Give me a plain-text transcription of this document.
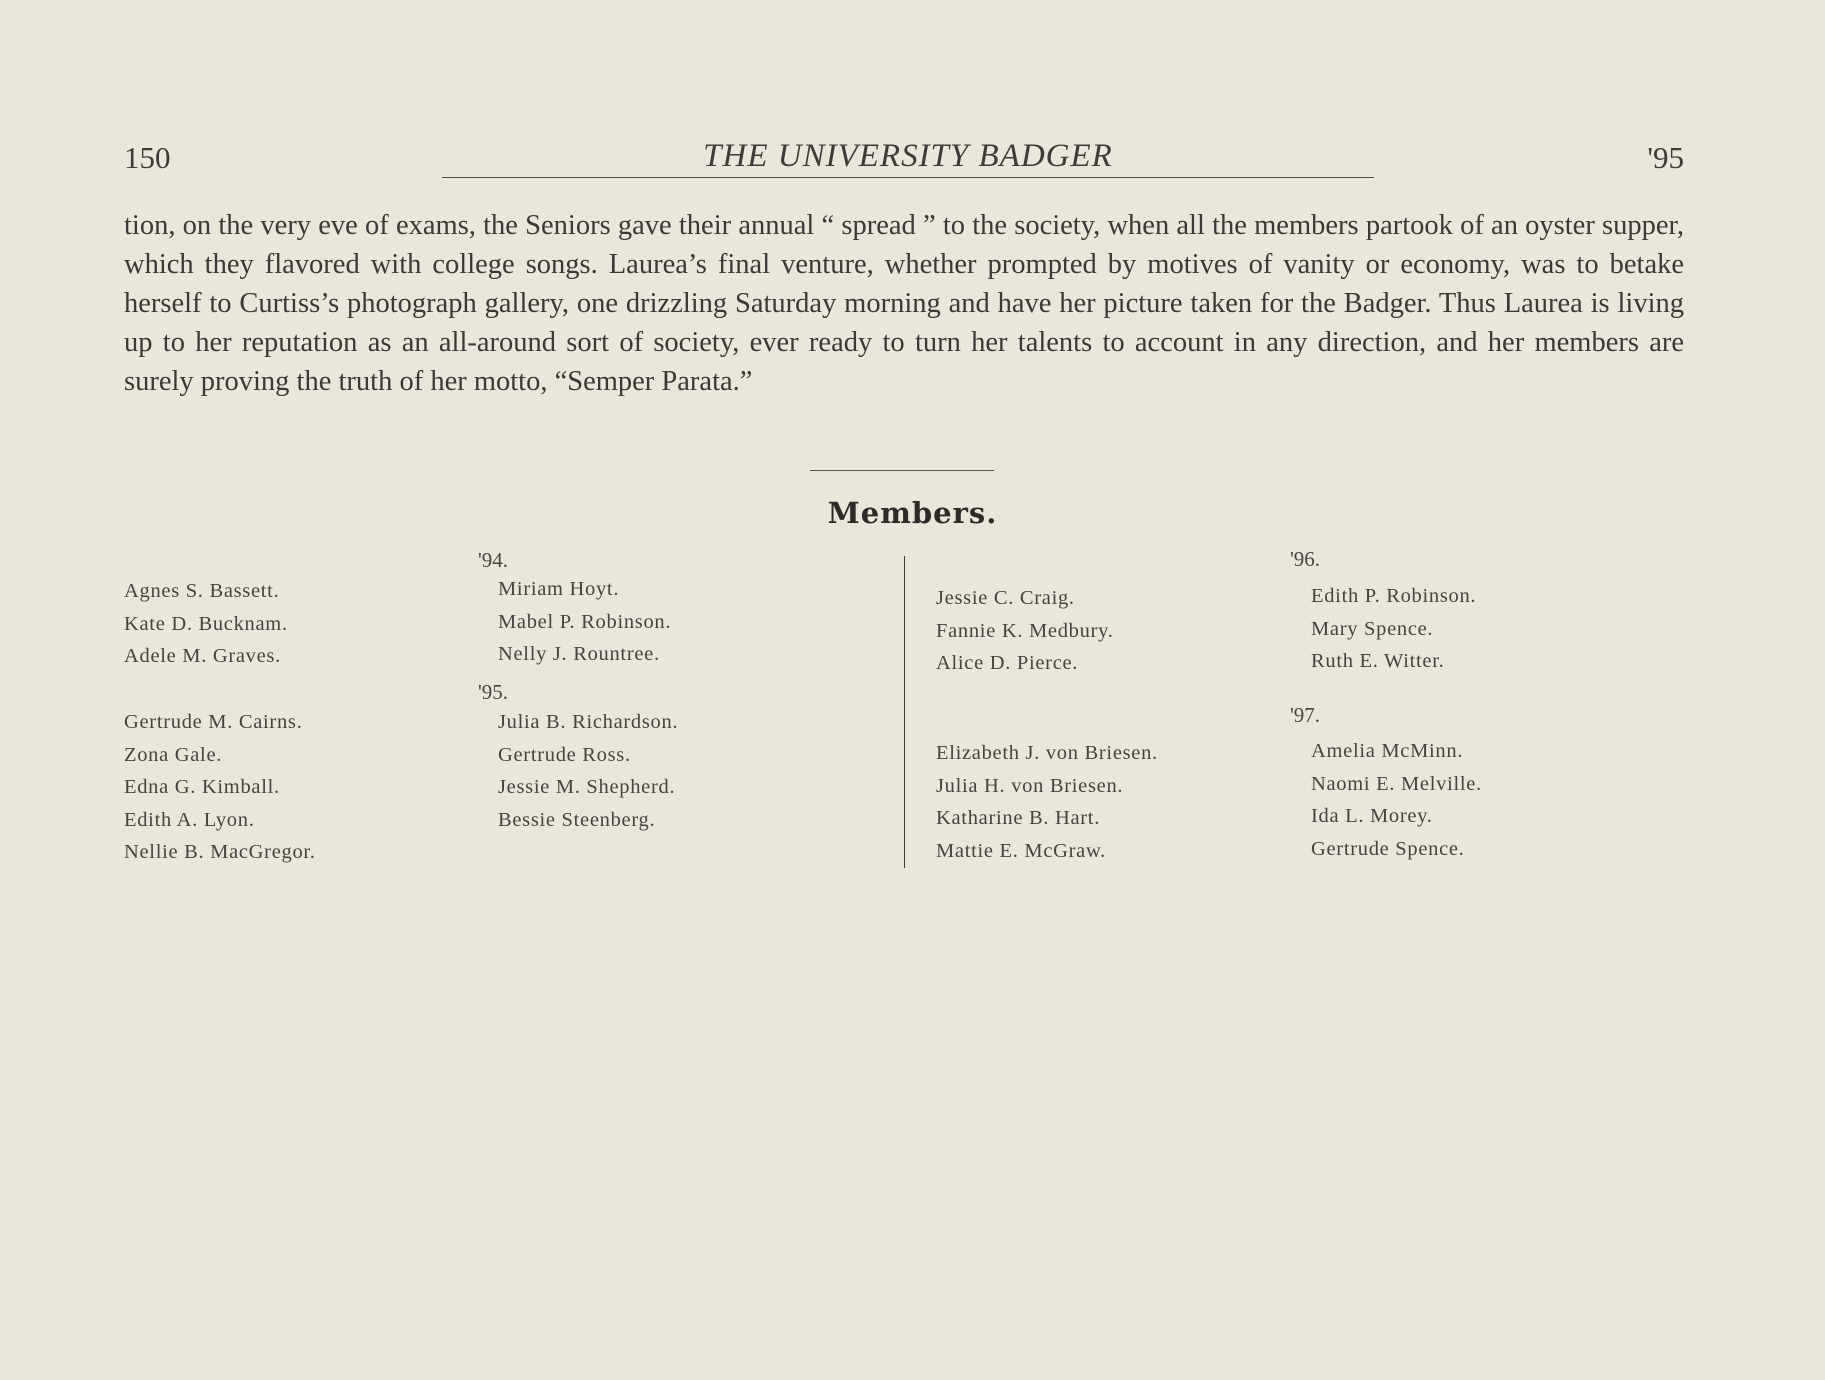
150	THE UNIVERSITY BADGER	'95
tion, on the very eve of exams, the Seniors gave their annual “ spread ” to the society, when all the members partook of an oyster supper, which they flavored with college songs. Laurea’s final venture, whether prompted by motives of vanity or economy, was to betake herself to Curtiss’s photograph gallery, one drizzling Saturday morning and have her picture taken for the Badger. Thus Laurea is living up to her reputation as an all-around sort of society, ever ready to turn her talents to account in any direction, and her members are surely proving the truth of her motto, “Semper Parata.”
Members.
'94.
Agnes S. Bassett.
Kate D. Bucknam.
Adele M. Graves.
Miriam Hoyt.
Mabel P. Robinson.
Nelly J. Rountree.
'95.
Gertrude M. Cairns.
Zona Gale.
Edna G. Kimball.
Edith A. Lyon.
Nellie B. MacGregor.
Julia B. Richardson.
Gertrude Ross.
Jessie M. Shepherd.
Bessie Steenberg.
'96.
Jessie C. Craig.
Fannie K. Medbury.
Alice D. Pierce.
Edith P. Robinson.
Mary Spence.
Ruth E. Witter.
'97.
Elizabeth J. von Briesen.
Julia H. von Briesen.
Katharine B. Hart.
Mattie E. McGraw.
Amelia McMinn.
Naomi E. Melville.
Ida L. Morey.
Gertrude Spence.
